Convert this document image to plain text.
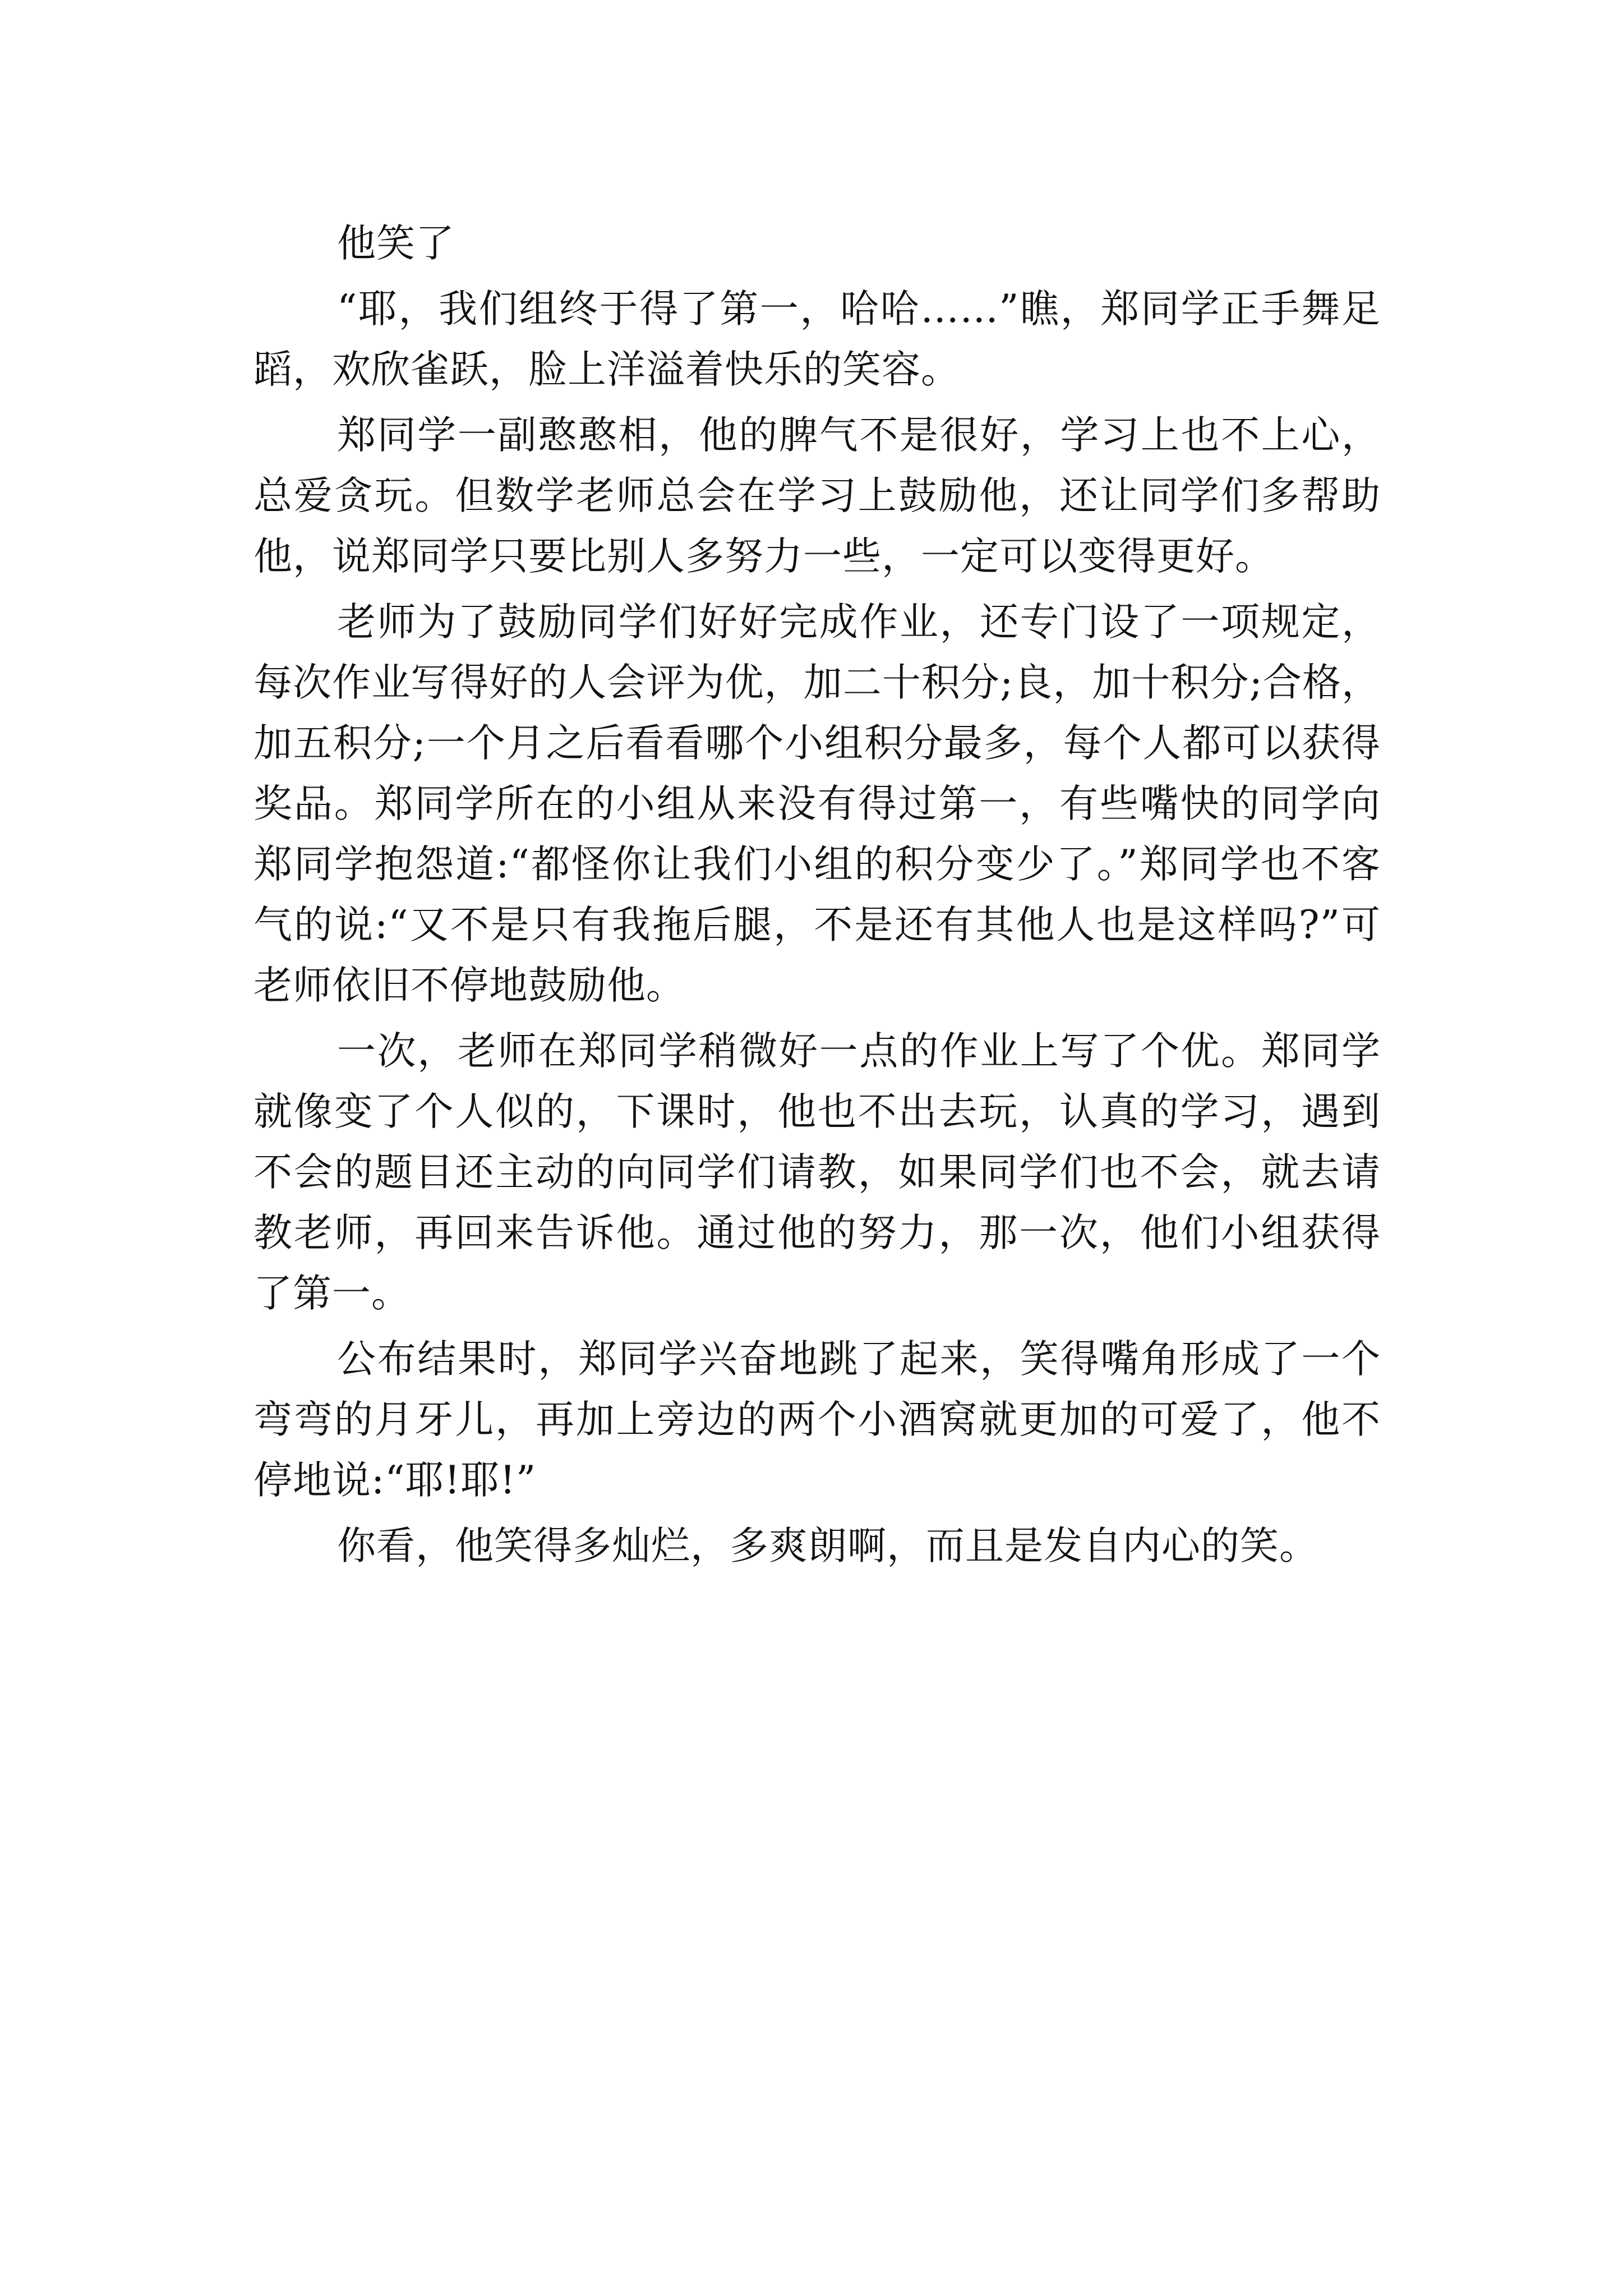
他笑了

“耶，我们组终于得了第一，哈哈……”瞧，郑同学正手舞足蹈，欢欣雀跃，脸上洋溢着快乐的笑容。

郑同学一副憨憨相，他的脾气不是很好，学习上也不上心，总爱贪玩。但数学老师总会在学习上鼓励他，还让同学们多帮助他，说郑同学只要比别人多努力一些，一定可以变得更好。

老师为了鼓励同学们好好完成作业，还专门设了一项规定，每次作业写得好的人会评为优，加二十积分;良，加十积分;合格，加五积分;一个月之后看看哪个小组积分最多，每个人都可以获得奖品。郑同学所在的小组从来没有得过第一，有些嘴快的同学向郑同学抱怨道:“都怪你让我们小组的积分变少了。”郑同学也不客气的说:“又不是只有我拖后腿，不是还有其他人也是这样吗?”可老师依旧不停地鼓励他。

一次，老师在郑同学稍微好一点的作业上写了个优。郑同学就像变了个人似的，下课时，他也不出去玩，认真的学习，遇到不会的题目还主动的向同学们请教，如果同学们也不会，就去请教老师，再回来告诉他。通过他的努力，那一次，他们小组获得了第一。

公布结果时，郑同学兴奋地跳了起来，笑得嘴角形成了一个弯弯的月牙儿，再加上旁边的两个小酒窝就更加的可爱了，他不停地说:“耶!耶!”

你看，他笑得多灿烂，多爽朗啊，而且是发自内心的笑。
